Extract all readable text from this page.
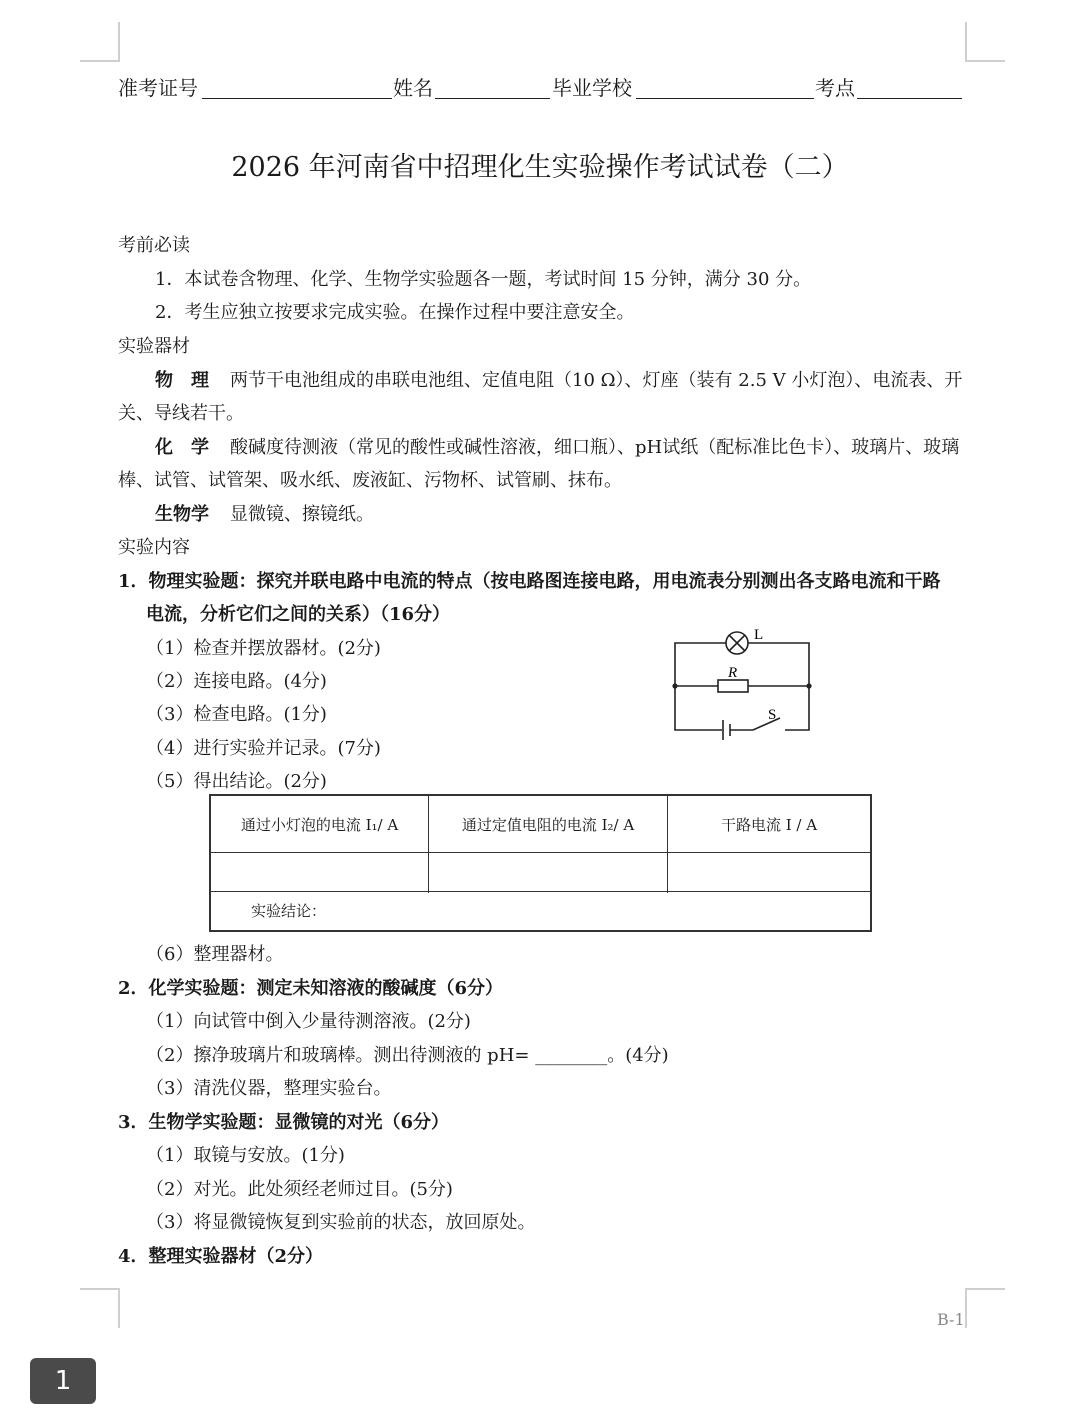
准考证号	姓名	毕业学校	考点
2026 年河南省中招理化生实验操作考试试卷（二）
考前必读
1．本试卷含物理、化学、生物学实验题各一题，考试时间 15 分钟，满分 30 分。
2．考生应独立按要求完成实验。在操作过程中要注意安全。
实验器材
物　理 两节干电池组成的串联电池组、定值电阻（10 Ω）、灯座（装有 2.5 V 小灯泡）、电流表、开
关、导线若干。
化　学 酸碱度待测液（常见的酸性或碱性溶液，细口瓶）、pH试纸（配标准比色卡）、玻璃片、玻璃
棒、试管、试管架、吸水纸、废液缸、污物杯、试管刷、抹布。
生物学 显微镜、擦镜纸。
实验内容
1．物理实验题：探究并联电路中电流的特点（按电路图连接电路，用电流表分别测出各支路电流和干路
电流，分析它们之间的关系）（16分）
（1）检查并摆放器材。(2分)
（2）连接电路。(4分)
（3）检查电路。(1分)
（4）进行实验并记录。(7分)
（5）得出结论。(2分)
L
R
S
通过小灯泡的电流 I₁/ A	通过定值电阻的电流 I₂/ A	干路电流 I / A
实验结论：
（6）整理器材。
2．化学实验题：测定未知溶液的酸碱度（6分）
（1）向试管中倒入少量待测溶液。(2分)
（2）擦净玻璃片和玻璃棒。测出待测液的 pH= ________。(4分)
（3）清洗仪器，整理实验台。
3．生物学实验题：显微镜的对光（6分）
（1）取镜与安放。(1分)
（2）对光。此处须经老师过目。(5分)
（3）将显微镜恢复到实验前的状态，放回原处。
4．整理实验器材（2分）
B-1
1
